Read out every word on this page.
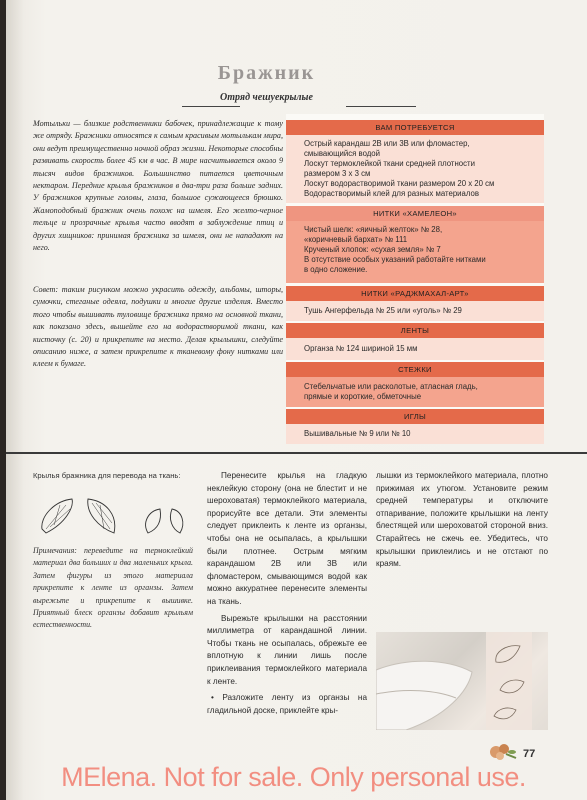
Бражник
Отряд чешуекрылые
Мотыльки — близкие родственники бабочек, принадлежащие к тому же отряду. Бражники относятся к самым красивым мотылькам мира, они ведут преимущественно ночной образ жизни. Некоторые способны развивать скорость более 45 км в час. В мире насчитывается около 9 тысяч видов бражников. Большинство питается цветочным нектаром. Передние крылья бражников в два-три раза больше задних. У бражников крупные головы, глаза, большое сужающееся брюшко. Жамоподобный бражник очень похож на шмеля. Его желто-черное тельце и прозрачные крылья часто вводят в заблуждение птиц и других хищников: принимая бражника за шмеля, они не нападают на него.
Совет: таким рисунком можно украсить одежду, альбомы, шторы, сумочки, стеганые одеяла, подушки и многие другие изделия. Вместо того чтобы вышивать туловище бражника прямо на основной ткани, как показано здесь, вышейте его на водорастворимой ткани, как кисточку (с. 20) и прикрепите на место. Делая крылышки, следуйте описанию ниже, а затем прикрепите к тканевому фону нитками или клеем к бумаге.
ВАМ ПОТРЕБУЕТСЯ
Острый карандаш 2В или 3В или фломастер,
смывающийся водой
Лоскут термоклейкой ткани средней плотности
размером 3 х 3 см
Лоскут водорастворимой ткани размером 20 х 20 см
Водорастворимый клей для разных материалов
НИТКИ «ХАМЕЛЕОН»
Чистый шелк: «яичный желток» № 28,
«коричневый бархат» № 111
Крученый хлопок: «сухая земля» № 7
В отсутствие особых указаний работайте нитками
в одно сложение.
НИТКИ «РАДЖМАХАЛ-АРТ»
Тушь Ангерфельда № 25 или «уголь» № 29
ЛЕНТЫ
Органза № 124 шириной 15 мм
СТЕЖКИ
Стебельчатые или расколотые, атласная гладь,
прямые и короткие, обметочные
ИГЛЫ
Вышивальные № 9 или № 10
Крылья бражника для перевода на ткань:
Примечания: переведите на термоклейкий материал два больших и два маленьких крыла. Затем фигуры из этого материала прикрепите к ленте из органзы. Затем вырежьте и прикрепите к вышивке. Приятный блеск органзы добавит крыльям естественности.
Перенесите крылья на гладкую неклейкую сторону (она не блестит и не шероховатая) термоклейкого материала, прорисуйте все детали. Эти элементы следует приклеить к ленте из органзы, чтобы она не осыпалась, а крылышки были плотнее. Острым мягким карандашом 2В или 3В или фломастером, смывающимся водой как можно аккуратнее перенесите элементы на ткань.
Вырежьте крылышки на расстоянии миллиметра от карандашной линии. Чтобы ткань не осыпалась, обрежьте ее вплотную к линии лишь после приклеивания термоклейкого материала к ленте.
• Разложите ленту из органзы на гладильной доске, приклейте кры-
лышки из термоклейкого материала, плотно прижимая их утюгом. Установите режим средней температуры и отключите отпаривание, положите крылышки на ленту блестящей или шероховатой стороной вниз. Старайтесь не сжечь ее. Убедитесь, что крылышки приклеились и не отстают по краям.
77
MElena. Not for sale. Only personal use.
